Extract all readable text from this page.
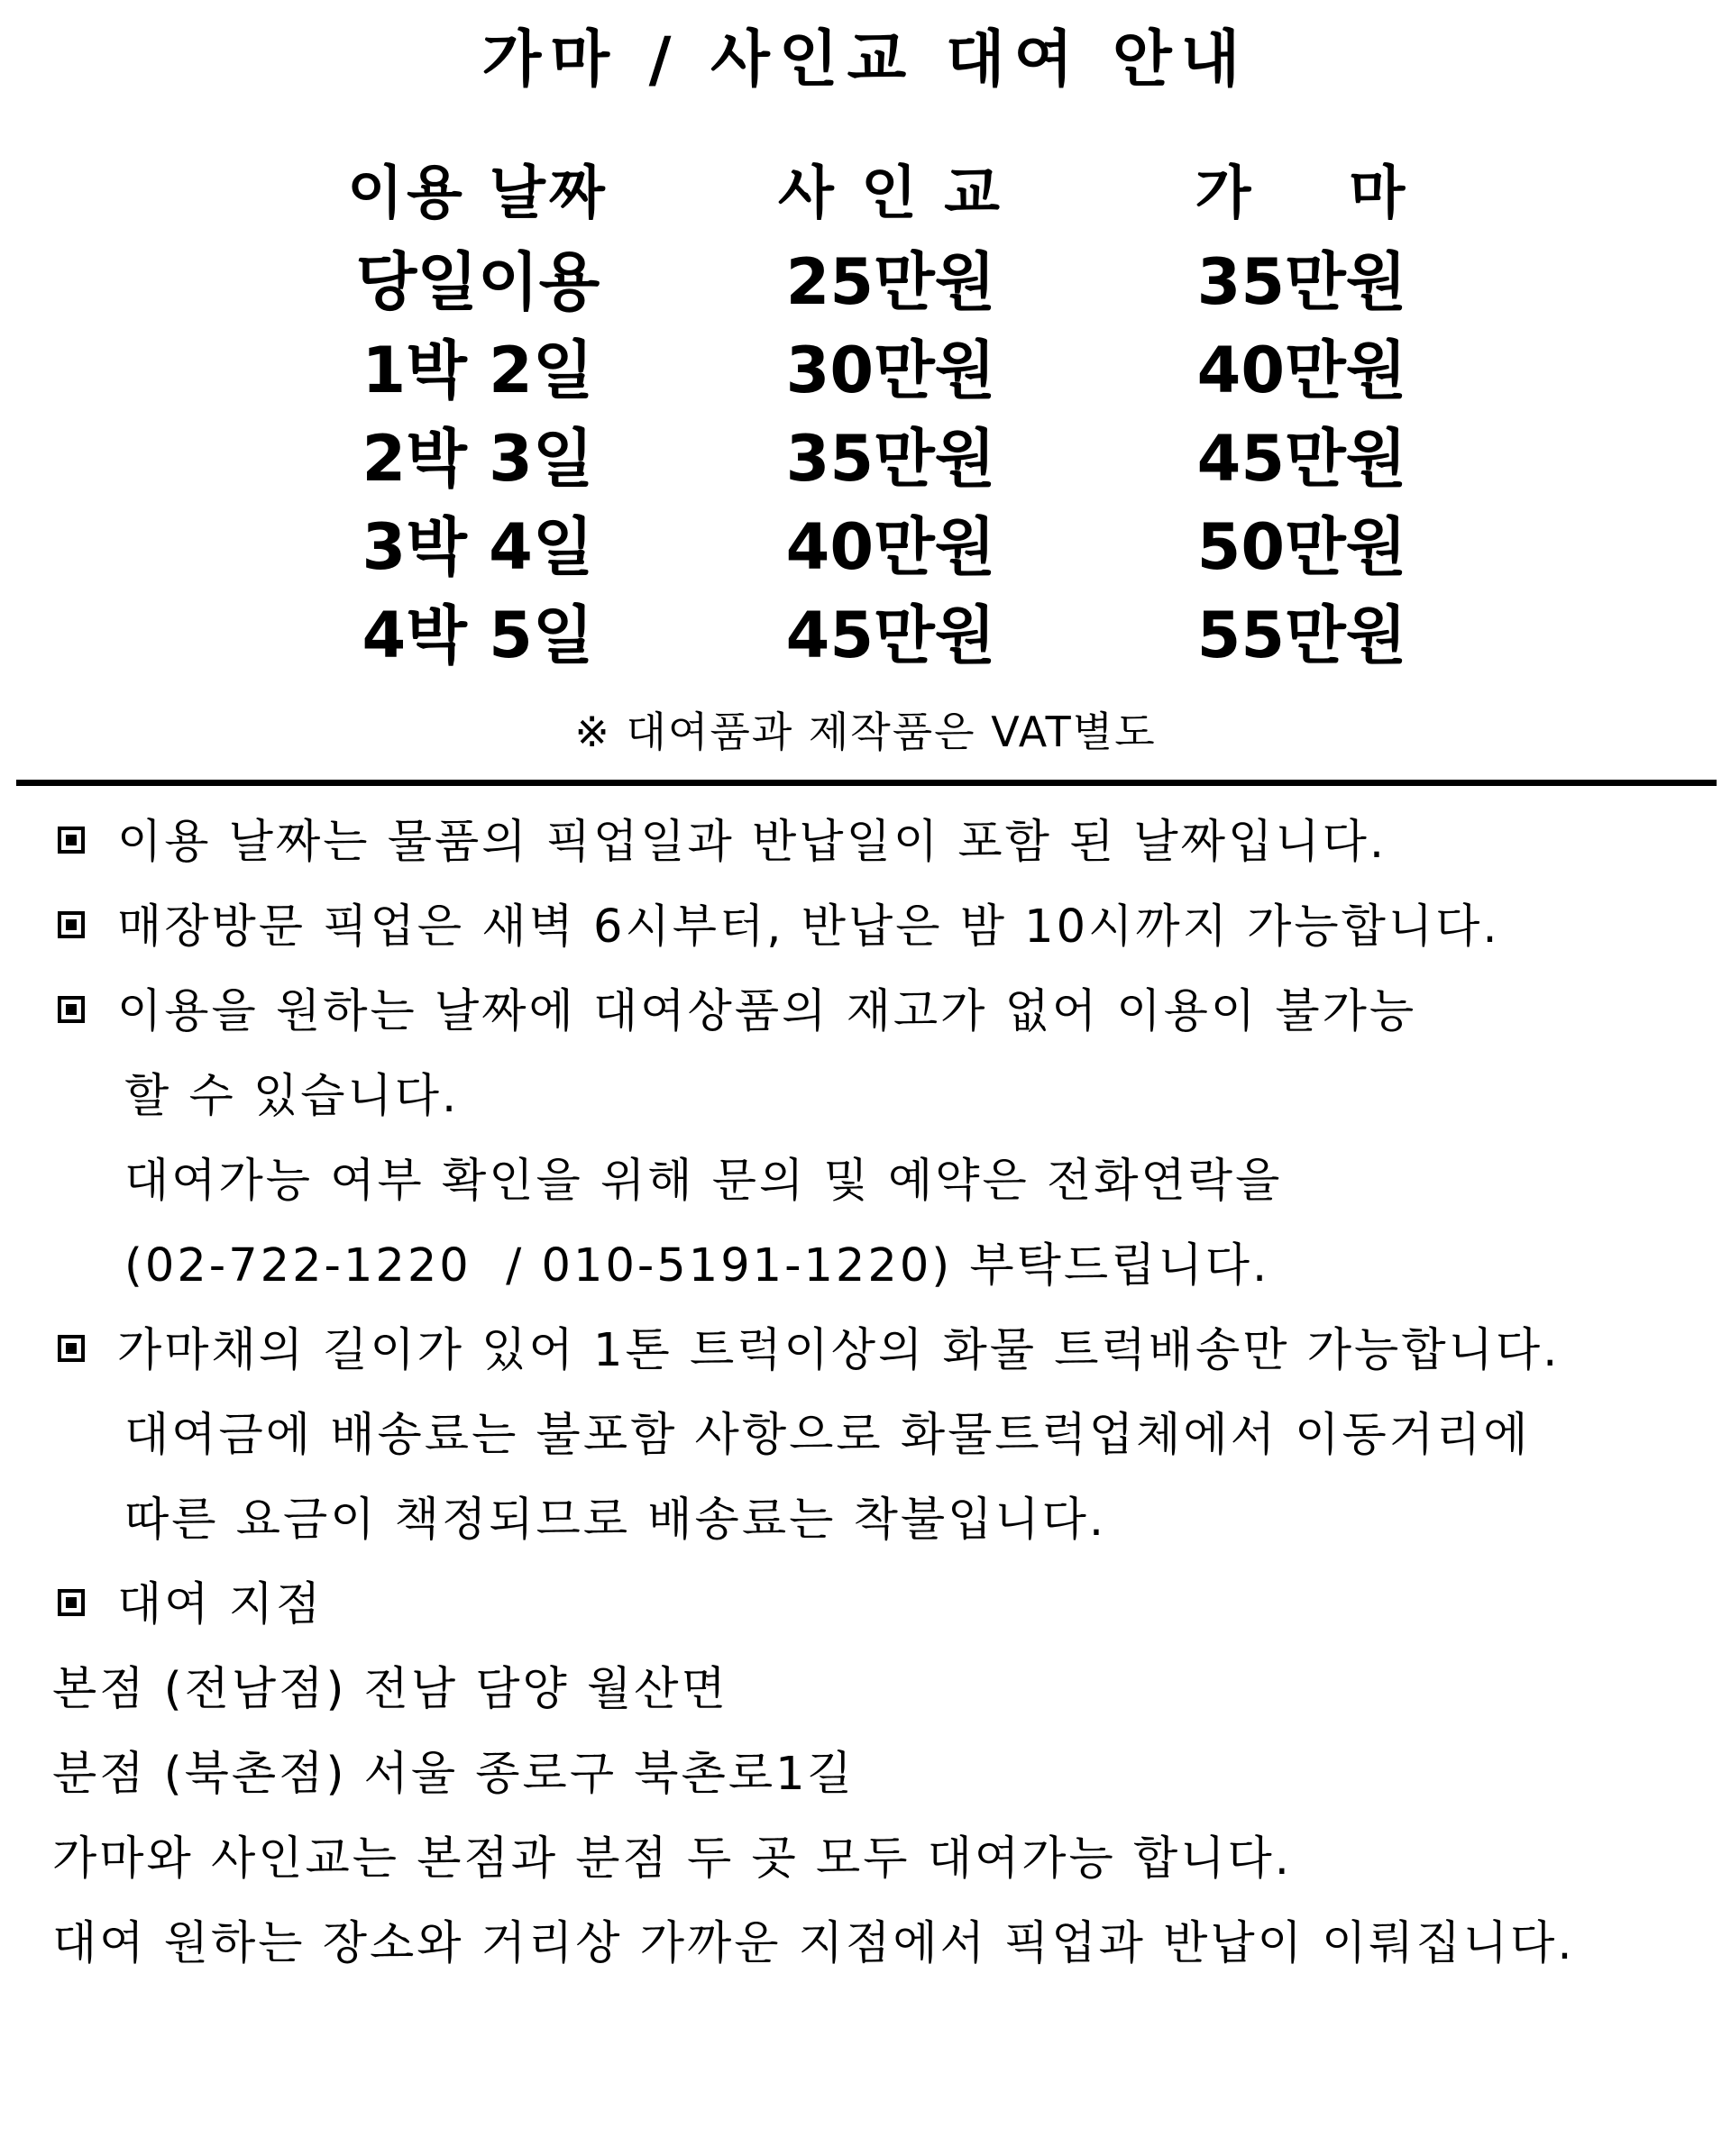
가마 / 사인교 대여 안내
이용 날짜	사 인 교	가    마
당일이용	25만원	35만원
1박 2일	30만원	40만원
2박 3일	35만원	45만원
3박 4일	40만원	50만원
4박 5일	45만원	55만원
※ 대여품과 제작품은 VAT별도

이용 날짜는 물품의 픽업일과 반납일이 포함 된 날짜입니다.

매장방문 픽업은 새벽 6시부터, 반납은 밤 10시까지 가능합니다.

이용을 원하는 날짜에 대여상품의 재고가 없어 이용이 불가능

할 수 있습니다.

대여가능 여부 확인을 위해 문의 및 예약은 전화연락을

(02-722-1220  / 010-5191-1220) 부탁드립니다.

가마채의 길이가 있어 1톤 트럭이상의 화물 트럭배송만 가능합니다.

대여금에 배송료는 불포함 사항으로 화물트럭업체에서 이동거리에

따른 요금이 책정되므로 배송료는 착불입니다.

대여 지점

본점 (전남점) 전남 담양 월산면

분점 (북촌점) 서울 종로구 북촌로1길

가마와 사인교는 본점과 분점 두 곳 모두 대여가능 합니다.

대여 원하는 장소와 거리상 가까운 지점에서 픽업과 반납이 이뤄집니다.
